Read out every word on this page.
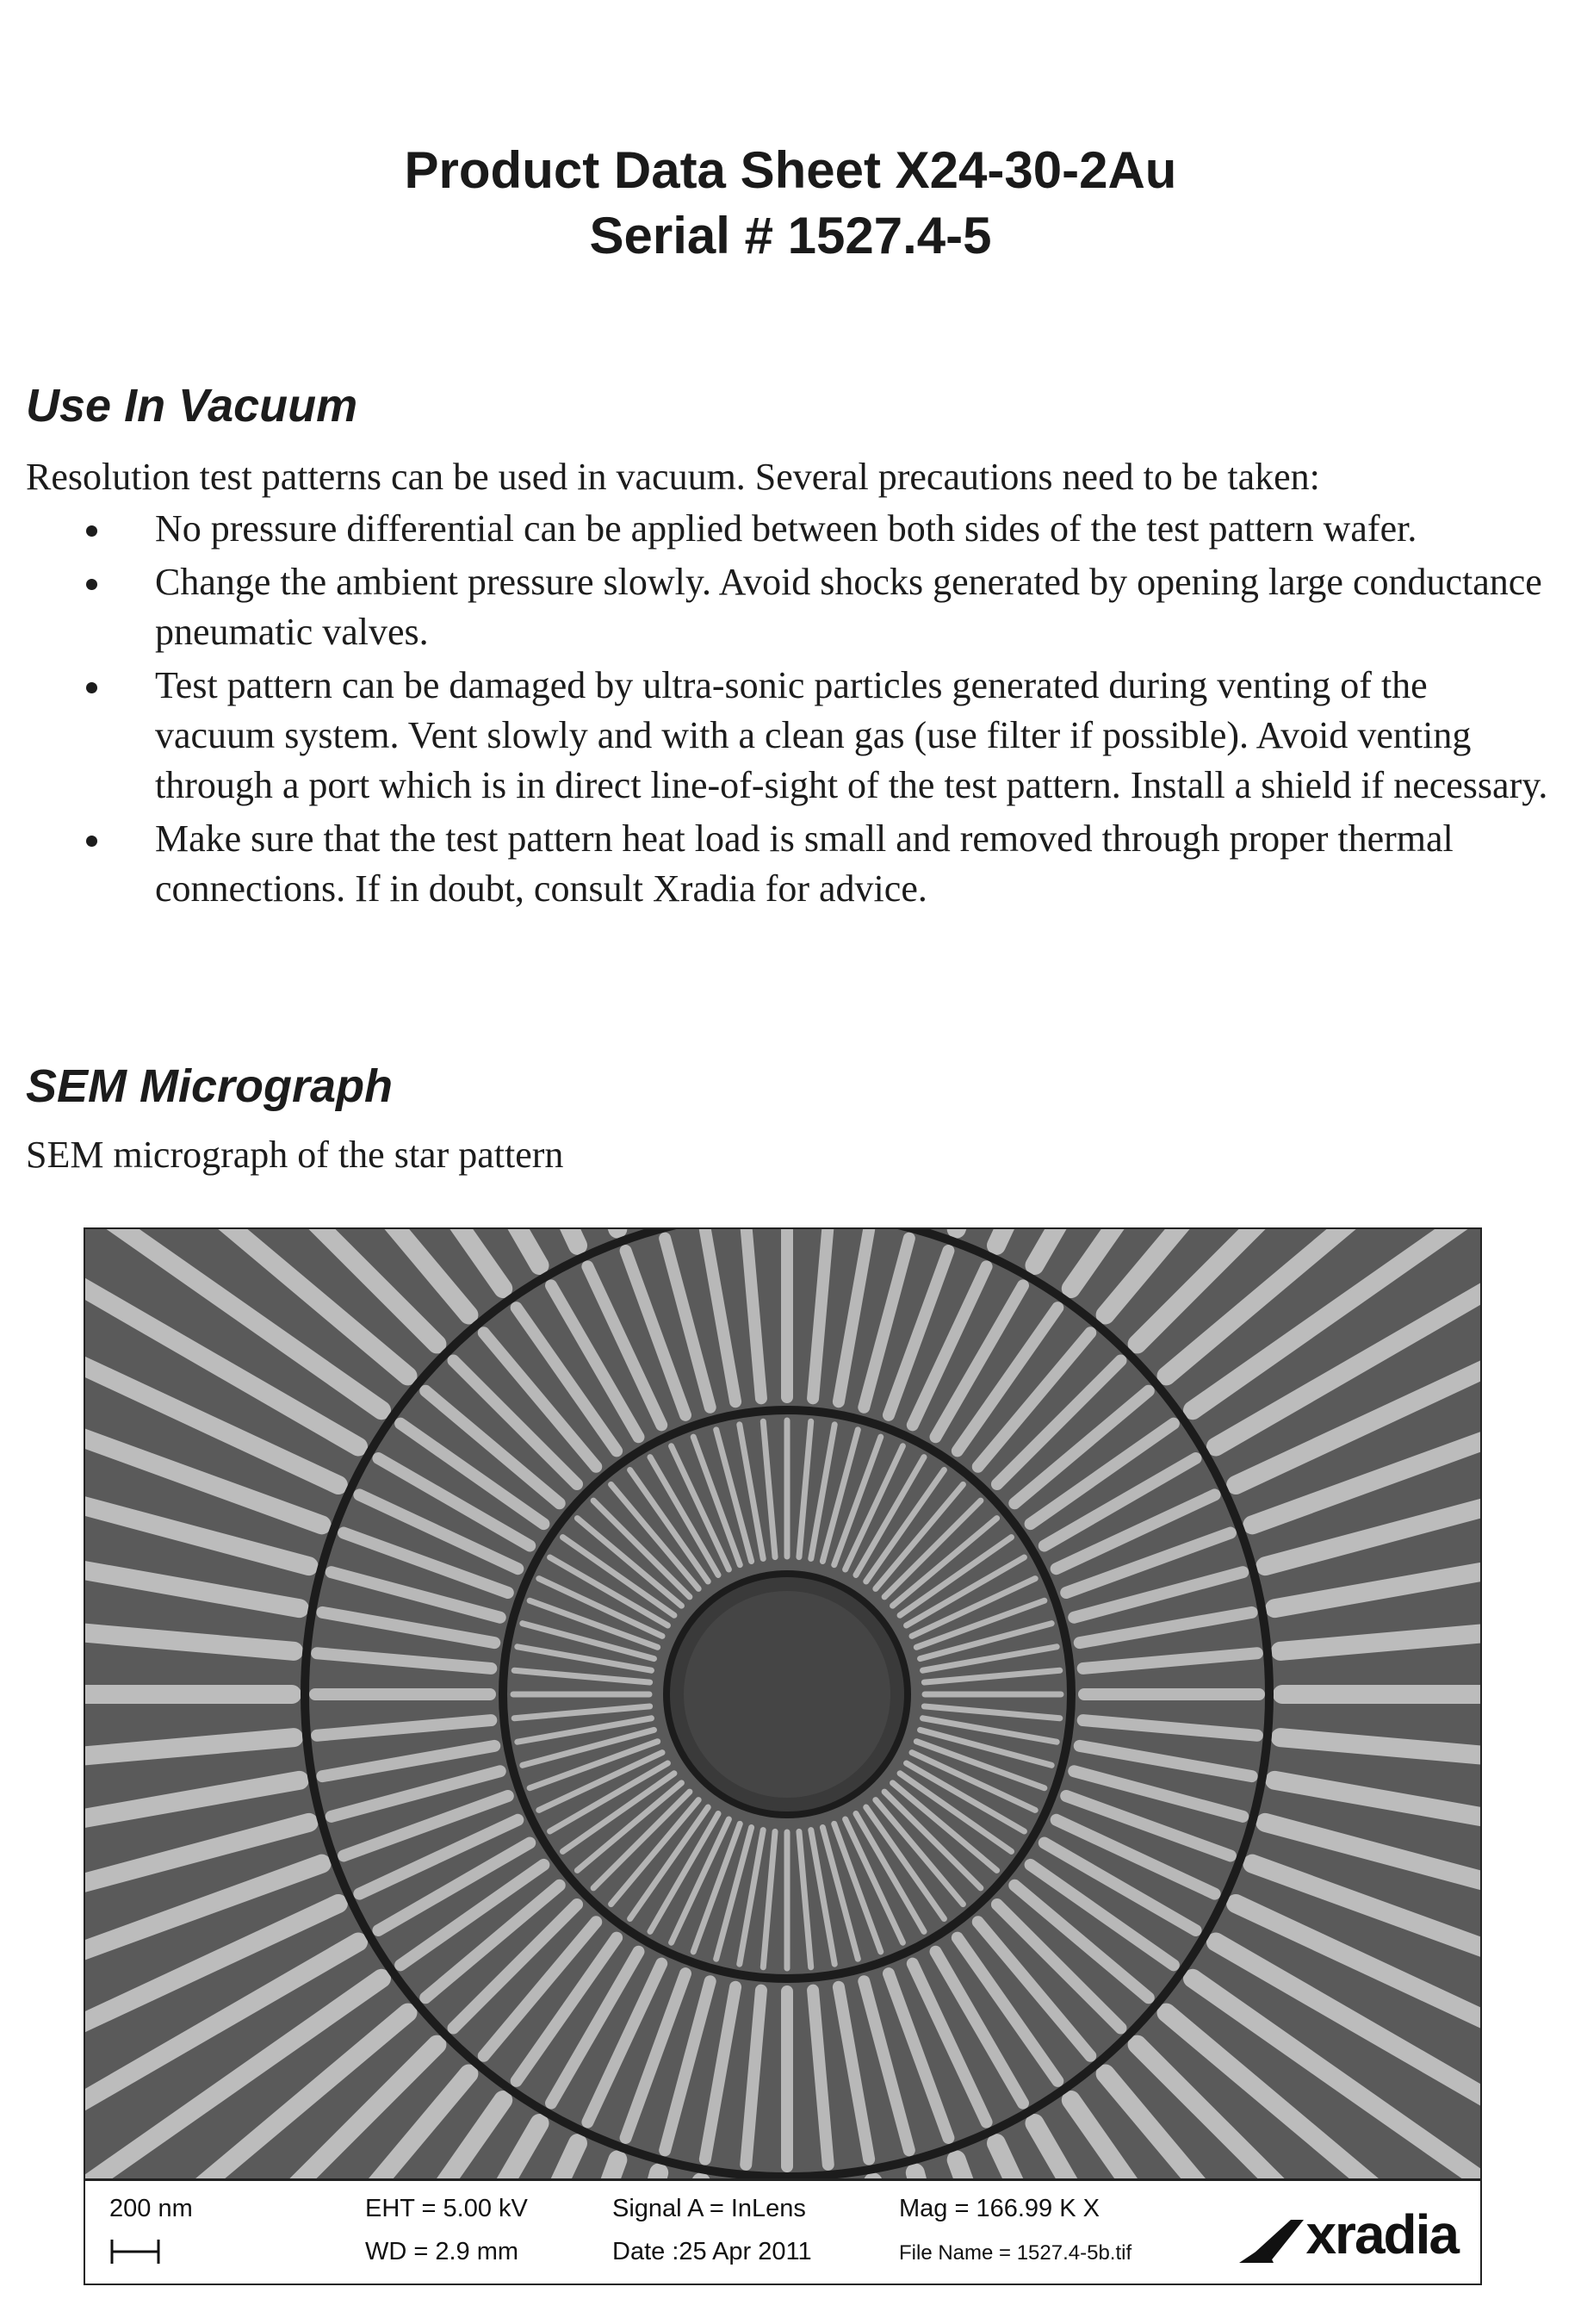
Product Data Sheet X24-30-2Au
Serial # 1527.4-5
Use In Vacuum
Resolution test patterns can be used in vacuum. Several precautions need to be taken:
No pressure differential can be applied between both sides of the test pattern wafer.
Change the ambient pressure slowly. Avoid shocks generated by opening large conductance pneumatic valves.
Test pattern can be damaged by ultra-sonic particles generated during venting of the vacuum system. Vent slowly and with a clean gas (use filter if possible). Avoid venting through a port which is in direct line-of-sight of the test pattern. Install a shield if necessary.
Make sure that the test pattern heat load is small and removed through proper thermal connections. If in doubt, consult Xradia for advice.
SEM Micrograph
SEM micrograph of the star pattern
200 nm	EHT = 5.00 kV
WD = 2.9 mm
Signal A = InLens
Date :25 Apr 2011
Mag = 166.99 K X
File Name = 1527.4-5b.tif	xradia
